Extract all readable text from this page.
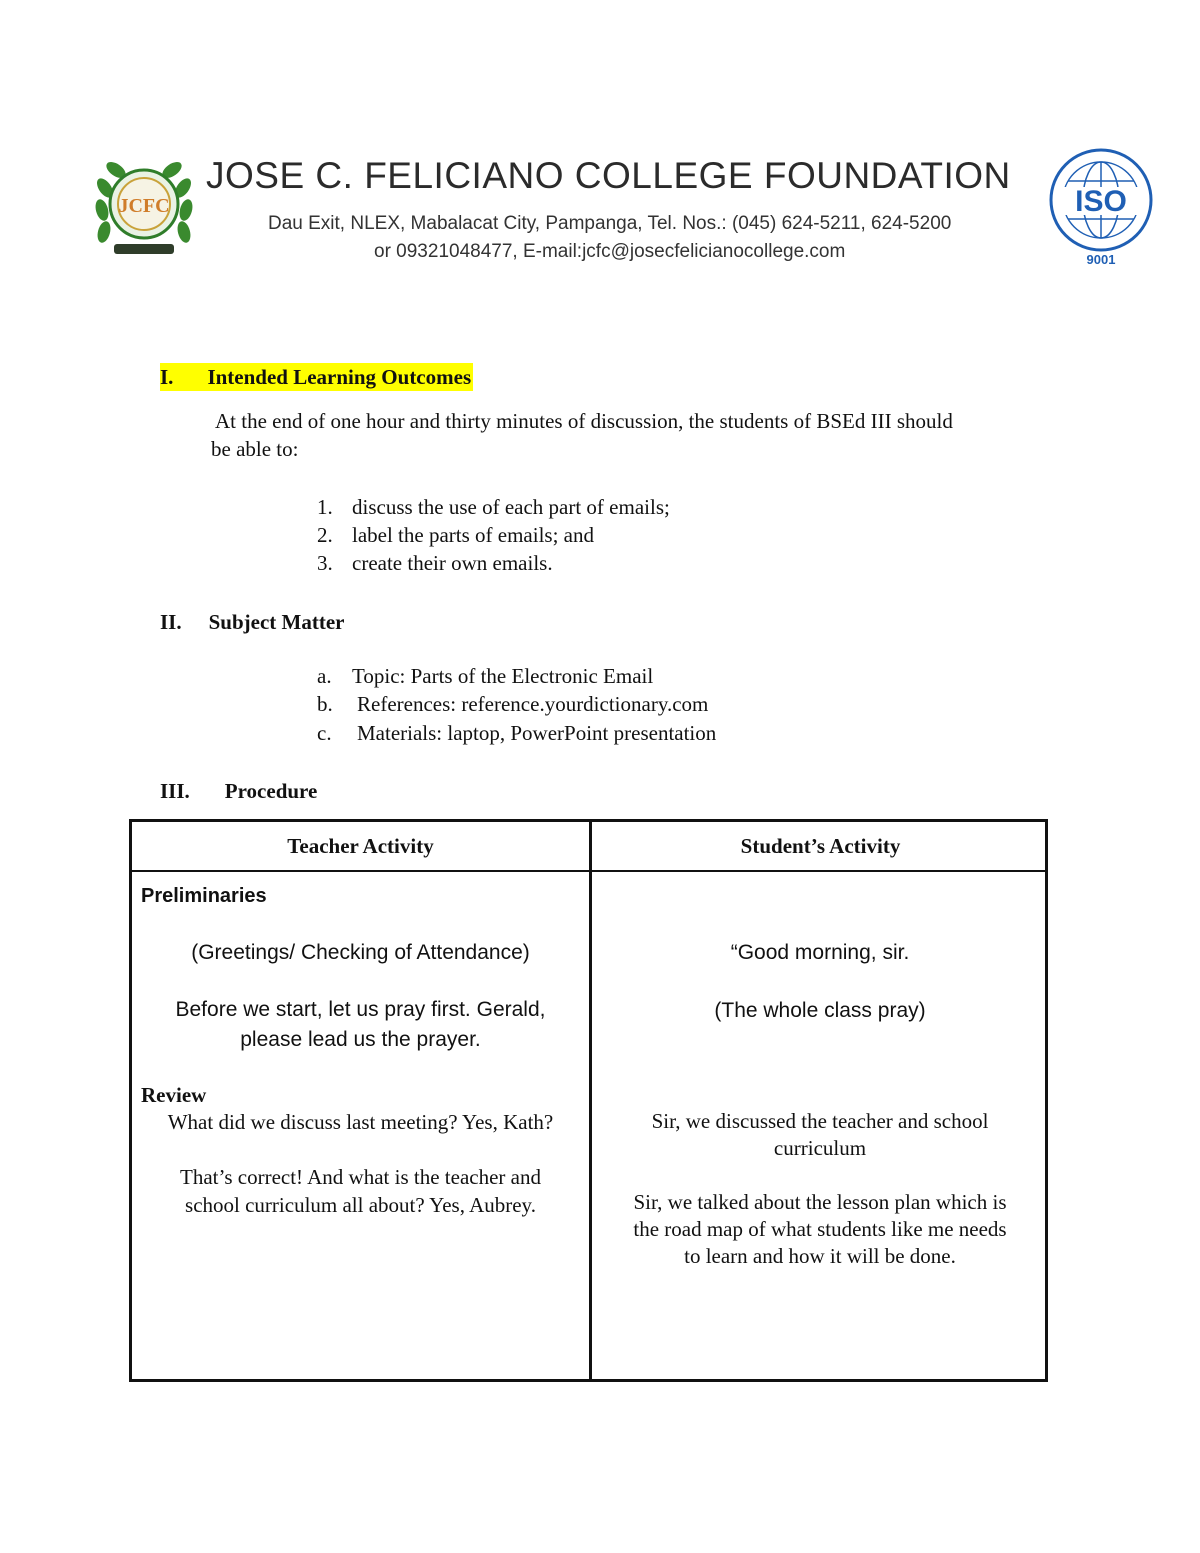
JCFC
JOSE C. FELICIANO COLLEGE FOUNDATION
Dau Exit, NLEX, Mabalacat City, Pampanga, Tel. Nos.: (045) 624-5211, 624-5200
or 09321048477, E-mail:jcfc@josecfelicianocollege.com
ISO
9001
I. Intended Learning Outcomes
At the end of one hour and thirty minutes of discussion, the students of BSEd III should
be able to:
1. discuss the use of each part of emails;
2. label the parts of emails; and
3. create their own emails.
II. Subject Matter
a. Topic: Parts of the Electronic Email
b. References: reference.yourdictionary.com
c. Materials: laptop, PowerPoint presentation
III. Procedure
Teacher Activity	Student’s Activity
Preliminaries
(Greetings/ Checking of Attendance)
Before we start, let us pray first. Gerald,
please lead us the prayer.
Review
What did we discuss last meeting? Yes, Kath?
That’s correct! And what is the teacher and
school curriculum all about? Yes, Aubrey.
“Good morning, sir.
(The whole class pray)
Sir, we discussed the teacher and school
curriculum
Sir, we talked about the lesson plan which is
the road map of what students like me needs
to learn and how it will be done.
